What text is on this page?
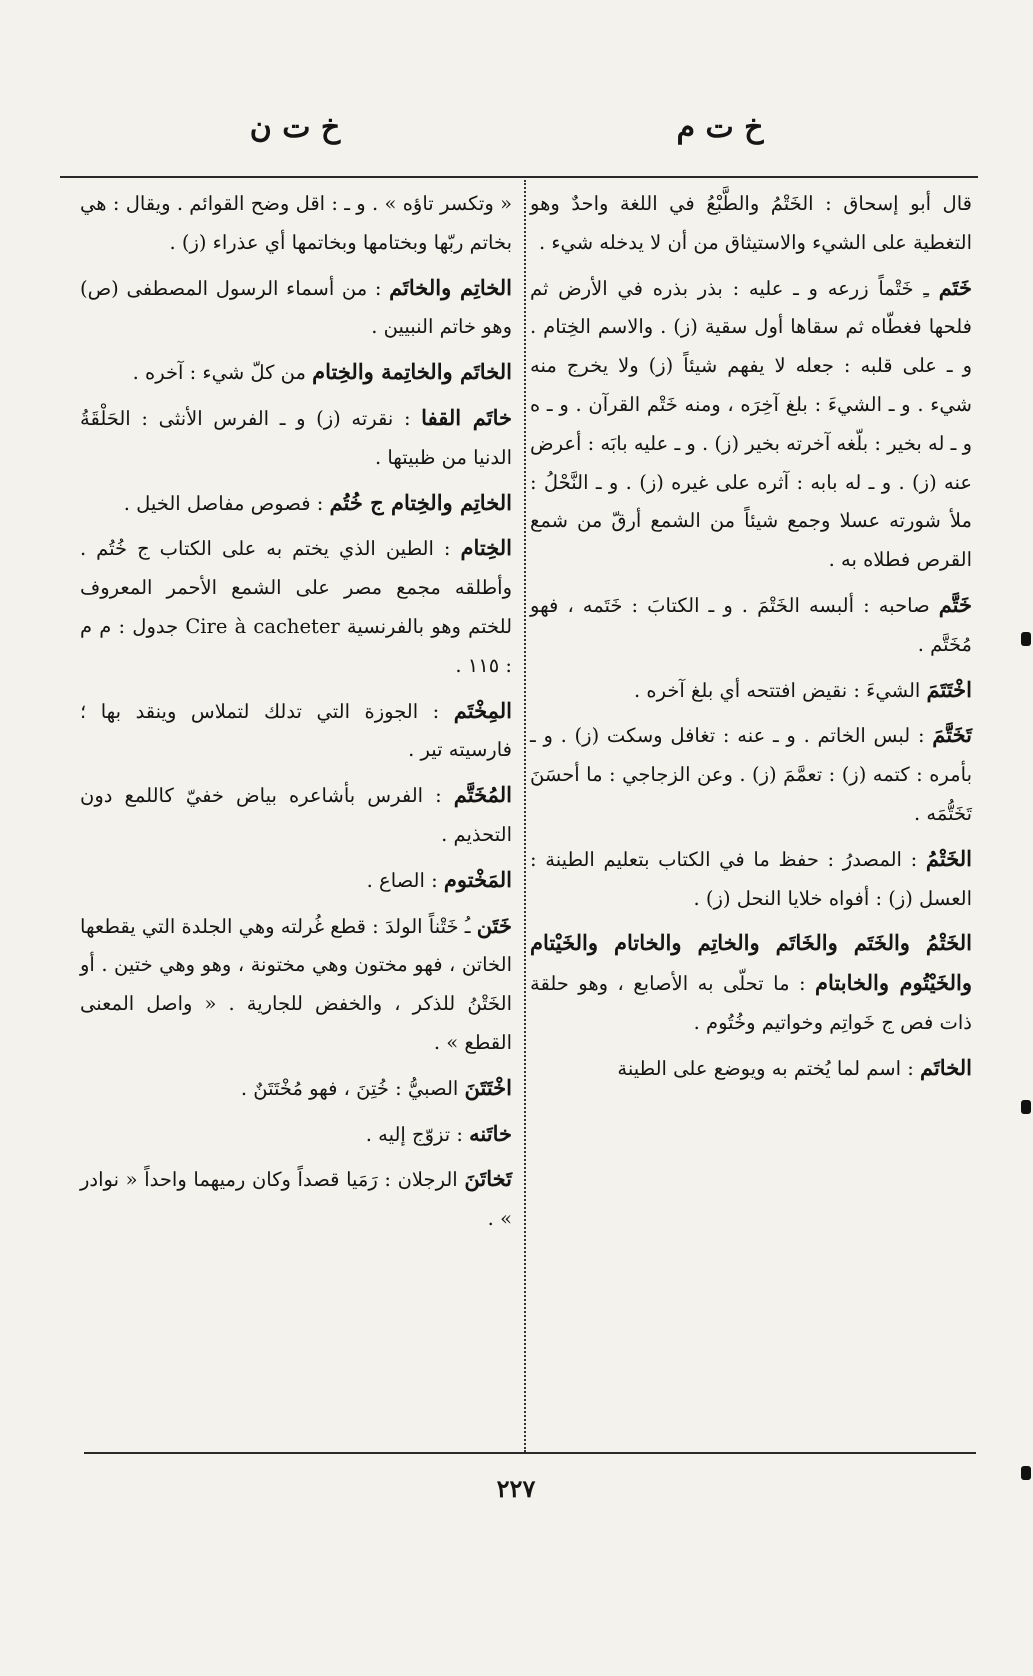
خ ت م
خ ت ن

قال أبو إسحاق : الخَتْمُ والطَّبْعُ في اللغة واحدٌ وهو التغطية على الشيء والاستيثاق من أن لا يدخله شيء .

خَتَم ـِ خَتْماً زرعه و ـ عليه : بذر بذره في الأرض ثم فلحها فغطّاه ثم سقاها أول سقية (ز) . والاسم الخِتام . و ـ على قلبه : جعله لا يفهم شيئاً (ز) ولا يخرج منه شيء . و ـ الشيءَ : بلغ آخِرَه ، ومنه خَتْم القرآن . و ـ ه و ـ له بخير : بلّغه آخرته بخير (ز) . و ـ عليه بابَه : أعرض عنه (ز) . و ـ له بابه : آثره على غيره (ز) . و ـ النَّحْلُ : ملأ شورته عسلا وجمع شيئاً من الشمع أرقّ من شمع القرص فطلاه به .

خَتَّم صاحبه : ألبسه الخَتْمَ . و ـ الكتابَ : خَتَمه ، فهو مُخَتَّم .

اخْتَتَمَ الشيءَ : نقيض افتتحه أي بلغ آخره .

تَخَتَّمَ : لبس الخاتم . و ـ عنه : تغافل وسكت (ز) . و ـ بأمره : كتمه (ز) : تعمَّمَ (ز) . وعن الزجاجي : ما أحسَنَ تَخَتُّمَه .

الخَتْمُ : المصدرُ : حفظ ما في الكتاب بتعليم الطينة : العسل (ز) : أفواه خلايا النحل (ز) .

الخَتْمُ والخَتَم والخَاتَم والخاتِم والخاتام والخَيْتام والخَيْتُوم والخابتام : ما تحلّى به الأصابع ، وهو حلقة ذات فص ج خَواتِم وخواتيم وخُتُوم .

الخاتَم : اسم لما يُختم به ويوضع على الطينة

« وتكسر تاؤه » . و ـ : اقل وضح القوائم . ويقال : هي بخاتم ربّها وبختامها وبخاتمها أي عذراء (ز) .

الخاتِم والخاتَم : من أسماء الرسول المصطفى (ص) وهو خاتم النبيين .

الخاتَم والخاتِمة والخِتام من كلّ شيء : آخره .

خاتَم القفا : نقرته (ز) و ـ الفرس الأنثى : الحَلْقَةُ الدنيا من ظبيتها .

الخاتِم والخِتام ج خُتُم : فصوص مفاصل الخيل .

الخِتام : الطين الذي يختم به على الكتاب ج خُتُم . وأطلقه مجمع مصر على الشمع الأحمر المعروف للختم وهو بالفرنسية Cire à cacheter جدول : م م : ١١٥ .

المِخْتَم : الجوزة التي تدلك لتملاس وينقد بها ؛ فارسيته تير .

المُخَتَّم : الفرس بأشاعره بياض خفيّ كاللمع دون التحذيم .

المَخْتوم : الصاع .

خَتَن ـُ خَتْناً الولدَ : قطع غُرلته وهي الجلدة التي يقطعها الخاتن ، فهو مختون وهي مختونة ، وهو وهي ختين . أو الخَتْنُ للذكر ، والخفض للجارية . « واصل المعنى القطع » .

اخْتَتَنَ الصبيُّ : خُتِنَ ، فهو مُخْتَتَنٌ .

خاتَنه : تزوّج إليه .

تَخاتَنَ الرجلان : رَمَيا قصداً وكان رميهما واحداً « نوادر » .

٢٢٧
